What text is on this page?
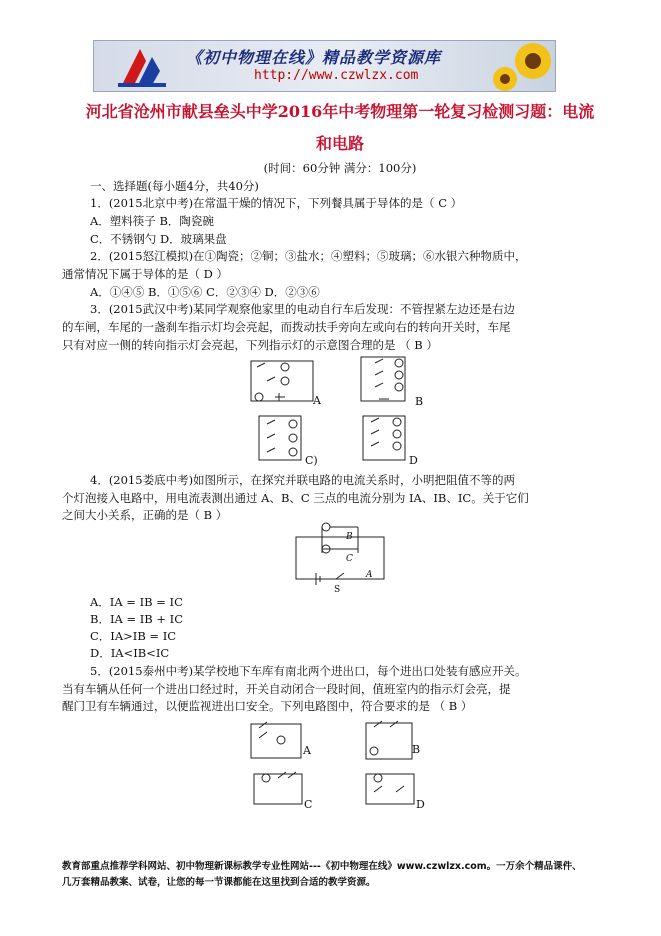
《初中物理在线》精品教学资源库
http://www.czwlzx.com
河北省沧州市献县垒头中学2016年中考物理第一轮复习检测习题：电流
和电路
(时间：60分钟 满分：100分)
一、选择题(每小题4分，共40分)
1．(2015北京中考)在常温干燥的情况下，下列餐具属于导体的是（ C ）
A．塑料筷子 B．陶瓷碗
C．不锈钢勺 D．玻璃果盘
2．(2015怒江模拟)在①陶瓷；②铜；③盐水；④塑料；⑤玻璃；⑥水银六种物质中，
通常情况下属于导体的是（ D ）
A．①④⑤ B．①⑤⑥ C．②③④ D．②③⑥
3．(2015武汉中考)某同学观察他家里的电动自行车后发现：不管捏紧左边还是右边
的车闸，车尾的一盏刹车指示灯均会亮起，而拨动扶手旁向左或向右的转向开关时，车尾
只有对应一侧的转向指示灯会亮起，下列指示灯的示意图合理的是 （ B ）
A	B
C)	D
4．(2015娄底中考)如图所示，在探究并联电路的电流关系时，小明把阻值不等的两
个灯泡接入电路中，用电流表测出通过 A、B、C 三点的电流分别为 IA、IB、IC。关于它们
之间大小关系，正确的是（ B ）
B
C
A
S
A．IA = IB = IC
B．IA = IB + IC
C．IA>IB = IC
D．IA<IB<IC
5．(2015泰州中考)某学校地下车库有南北两个进出口，每个进出口处装有感应开关。
当有车辆从任何一个进出口经过时，开关自动闭合一段时间，值班室内的指示灯会亮，提
醒门卫有车辆通过，以便监视进出口安全。下列电路图中，符合要求的是 （ B ）
A	B
C	D
教育部重点推荐学科网站、初中物理新课标教学专业性网站---《初中物理在线》www.czwlzx.com。一万余个精品课件、
几万套精品教案、试卷，让您的每一节课都能在这里找到合适的教学资源。
